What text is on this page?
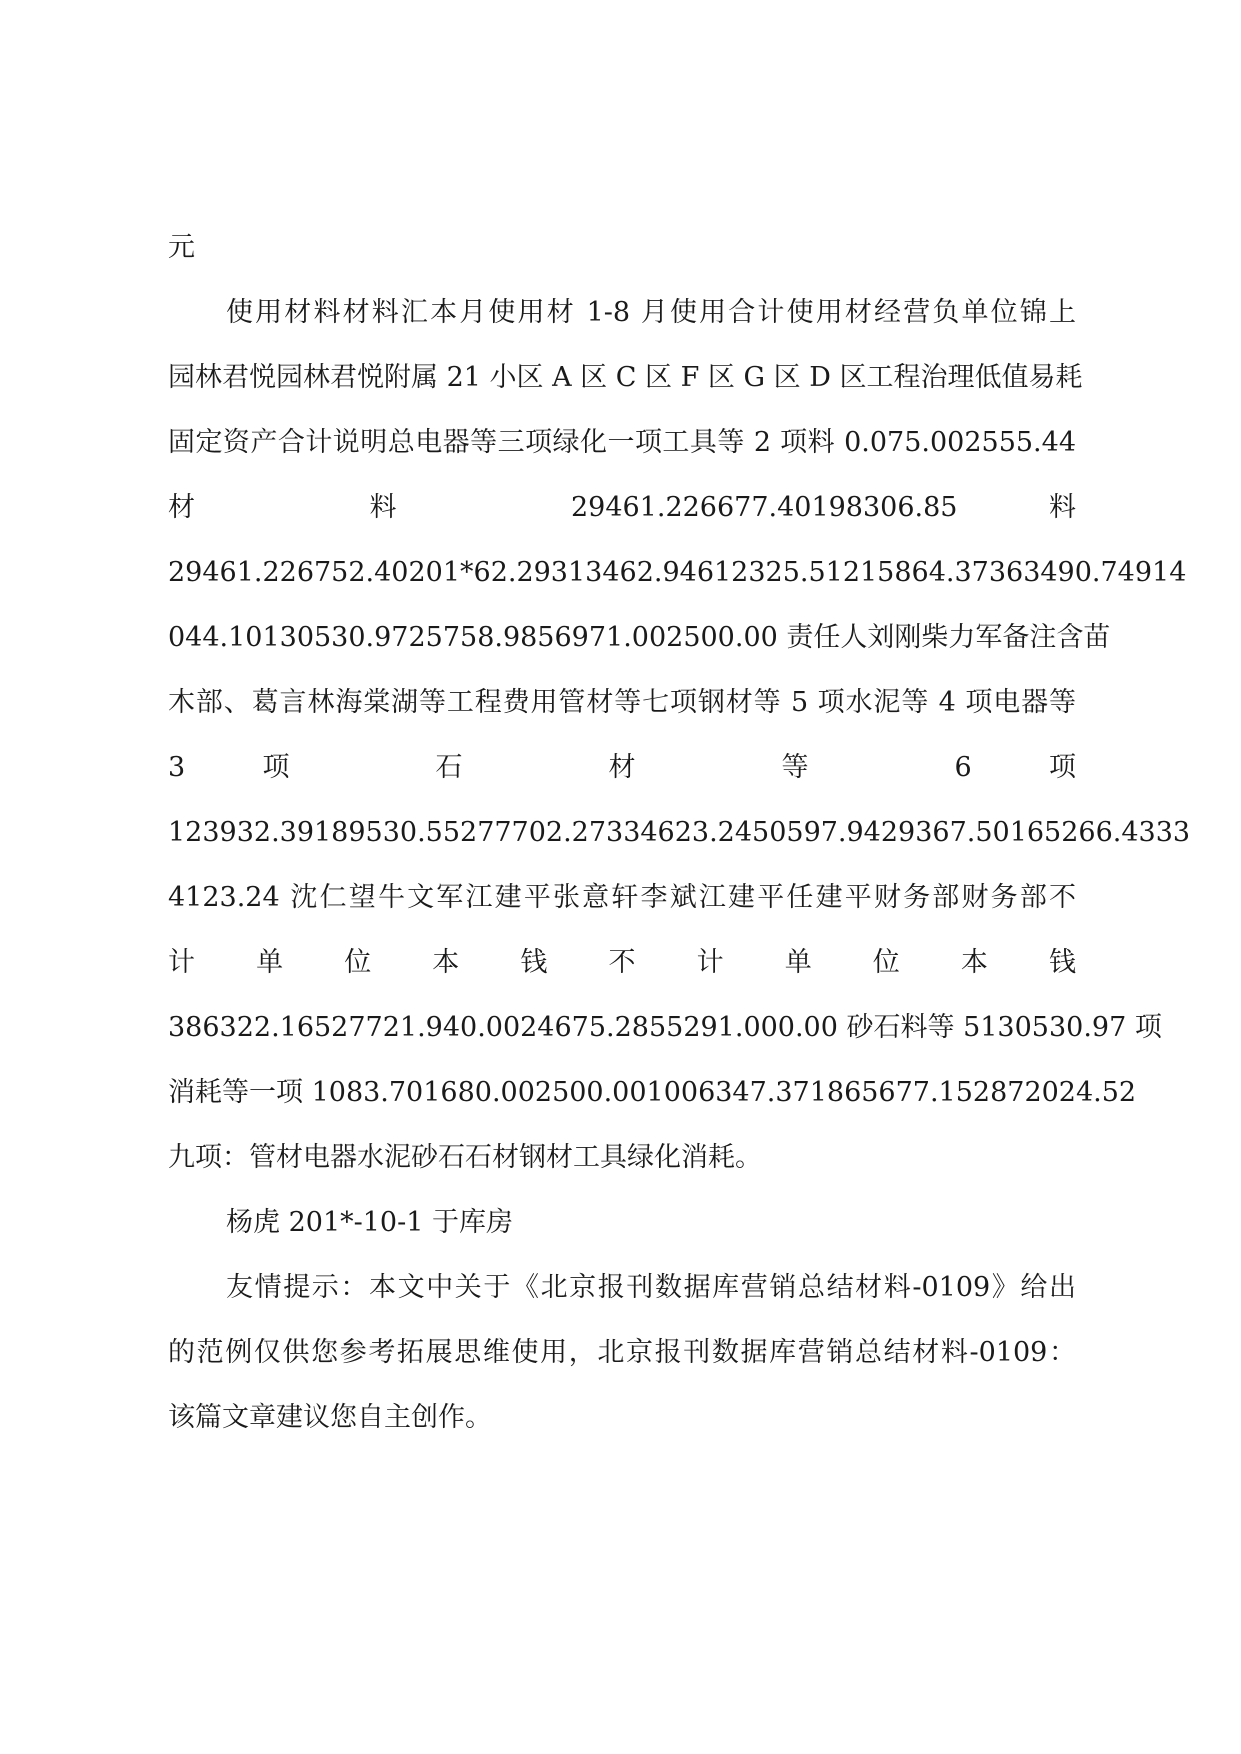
元
使用材料材料汇本月使用材 1-8 月使用合计使用材经营负单位锦上
园林君悦园林君悦附属 21 小区 A 区 C 区 F 区 G 区 D 区工程治理低值易耗
固定资产合计说明总电器等三项绿化一项工具等 2 项料 0.075.002555.44
材 料 29461.226677.40198306.85 料
29461.226752.40201*62.29313462.94612325.51215864.37363490.74914
044.10130530.9725758.9856971.002500.00 责任人刘刚柴力军备注含苗
木部、葛言林海棠湖等工程费用管材等七项钢材等 5 项水泥等 4 项电器等
3 项 石 材 等 6 项
123932.39189530.55277702.27334623.2450597.9429367.50165266.4333
4123.24 沈仁望牛文军江建平张意轩李斌江建平任建平财务部财务部不
计 单 位 本 钱 不 计 单 位 本 钱
386322.16527721.940.0024675.2855291.000.00 砂石料等 5130530.97 项
消耗等一项 1083.701680.002500.001006347.371865677.152872024.52
九项：管材电器水泥砂石石材钢材工具绿化消耗。
杨虎 201*-10-1 于库房
友情提示：本文中关于《北京报刊数据库营销总结材料-0109》给出
的范例仅供您参考拓展思维使用，北京报刊数据库营销总结材料-0109：
该篇文章建议您自主创作。
